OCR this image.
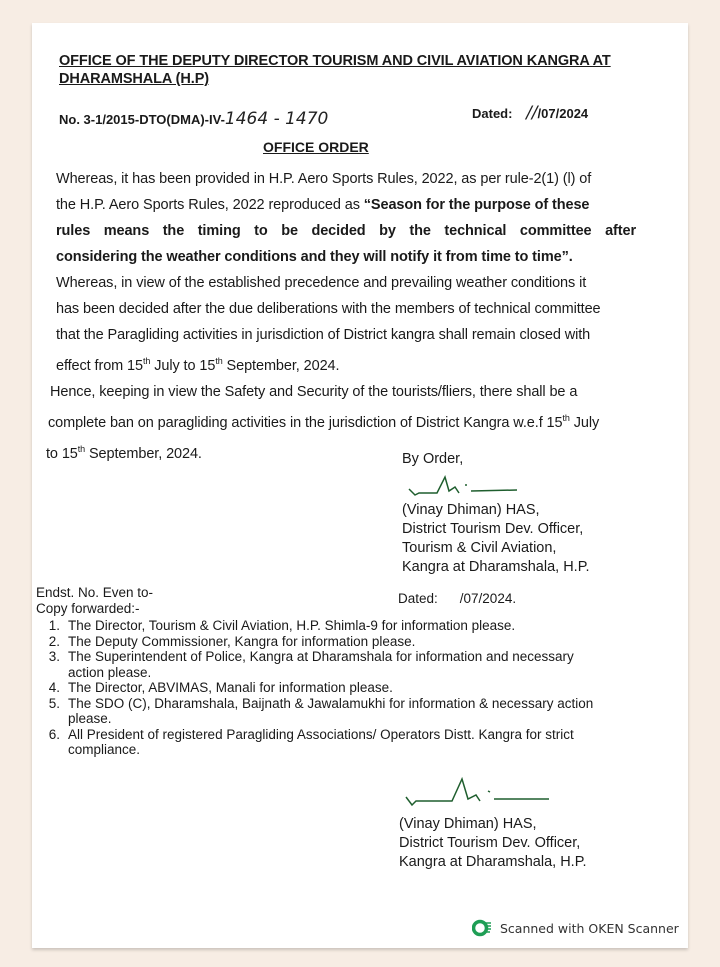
OFFICE OF THE DEPUTY DIRECTOR TOURISM AND CIVIL AVIATION KANGRA AT
DHARAMSHALA (H.P)
No. 3-1/2015-DTO(DMA)-IV-1464 - 1470	Dated: ///07/2024
OFFICE ORDER
Whereas, it has been provided in H.P. Aero Sports Rules, 2022, as per rule-2(1) (l) of
the H.P. Aero Sports Rules, 2022 reproduced as “Season for the purpose of these
rules means the timing to be decided by the technical committee after
considering the weather conditions and they will notify it from time to time”.
Whereas, in view of the established precedence and prevailing weather conditions it
has been decided after the due deliberations with the members of technical committee
that the Paragliding activities in jurisdiction of District kangra shall remain closed with
effect from 15th July to 15th September, 2024.
Hence, keeping in view the Safety and Security of the tourists/fliers, there shall be a
complete ban on paragliding activities in the jurisdiction of District Kangra w.e.f 15th July
to 15th September, 2024.	By Order,
(Vinay Dhiman) HAS,
District Tourism Dev. Officer,
Tourism & Civil Aviation,
Kangra at Dharamshala, H.P.
Endst. No. Even to-	Dated: /07/2024.
Copy forwarded:-
1. The Director, Tourism & Civil Aviation, H.P. Shimla-9 for information please.
2. The Deputy Commissioner, Kangra for information please.
3. The Superintendent of Police, Kangra at Dharamshala for information and necessary
action please.
4. The Director, ABVIMAS, Manali for information please.
5. The SDO (C), Dharamshala, Baijnath & Jawalamukhi for information & necessary action
please.
6. All President of registered Paragliding Associations/ Operators Distt. Kangra for strict
compliance.
(Vinay Dhiman) HAS,
District Tourism Dev. Officer,
Kangra at Dharamshala, H.P.
Scanned with OKEN Scanner
